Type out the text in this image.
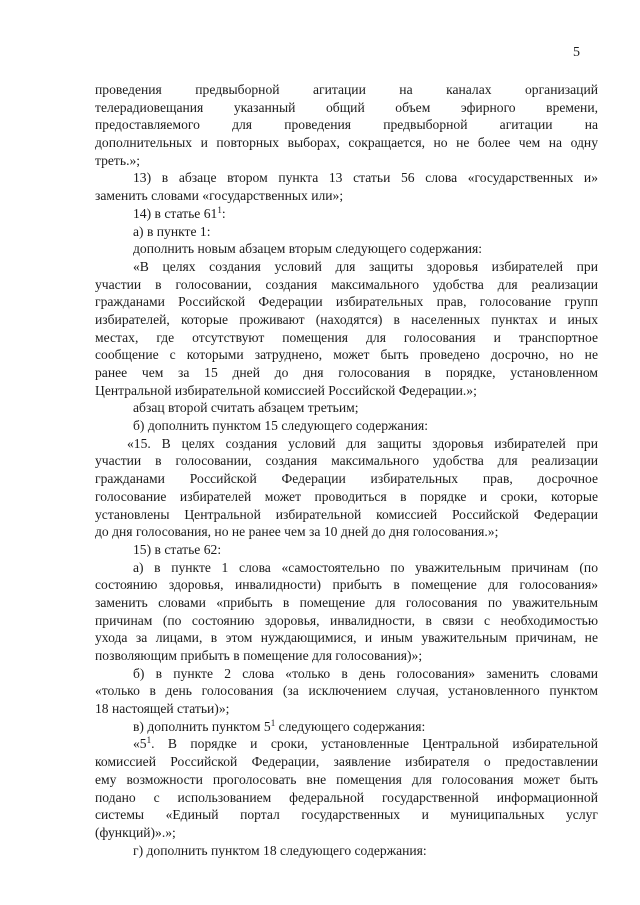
5
проведения предвыборной агитации на каналах организаций
телерадиовещания указанный общий объем эфирного времени,
предоставляемого для проведения предвыборной агитации на
дополнительных и повторных выборах, сокращается, но не более чем на одну
треть.»;
13) в абзаце втором пункта 13 статьи 56 слова «государственных и»
заменить словами «государственных или»;
14) в статье $61^1$:
а) в пункте 1:
дополнить новым абзацем вторым следующего содержания:
«В целях создания условий для защиты здоровья избирателей при
участии в голосовании, создания максимального удобства для реализации
гражданами Российской Федерации избирательных прав, голосование групп
избирателей, которые проживают (находятся) в населенных пунктах и иных
местах, где отсутствуют помещения для голосования и транспортное
сообщение с которыми затруднено, может быть проведено досрочно, но не
ранее чем за 15 дней до дня голосования в порядке, установленном
Центральной избирательной комиссией Российской Федерации.»;
абзац второй считать абзацем третьим;
б) дополнить пунктом 15 следующего содержания:
«15. В целях создания условий для защиты здоровья избирателей при
участии в голосовании, создания максимального удобства для реализации
гражданами Российской Федерации избирательных прав, досрочное
голосование избирателей может проводиться в порядке и сроки, которые
установлены Центральной избирательной комиссией Российской Федерации
до дня голосования, но не ранее чем за 10 дней до дня голосования.»;
15) в статье 62:
а) в пункте 1 слова «самостоятельно по уважительным причинам (по
состоянию здоровья, инвалидности) прибыть в помещение для голосования»
заменить словами «прибыть в помещение для голосования по уважительным
причинам (по состоянию здоровья, инвалидности, в связи с необходимостью
ухода за лицами, в этом нуждающимися, и иным уважительным причинам, не
позволяющим прибыть в помещение для голосования)»;
б) в пункте 2 слова «только в день голосования» заменить словами
«только в день голосования (за исключением случая, установленного пунктом
18 настоящей статьи)»;
в) дополнить пунктом $5^1$ следующего содержания:
«$5^1$. В порядке и сроки, установленные Центральной избирательной
комиссией Российской Федерации, заявление избирателя о предоставлении
ему возможности проголосовать вне помещения для голосования может быть
подано с использованием федеральной государственной информационной
системы «Единый портал государственных и муниципальных услуг
(функций)».»;
г) дополнить пунктом 18 следующего содержания:
